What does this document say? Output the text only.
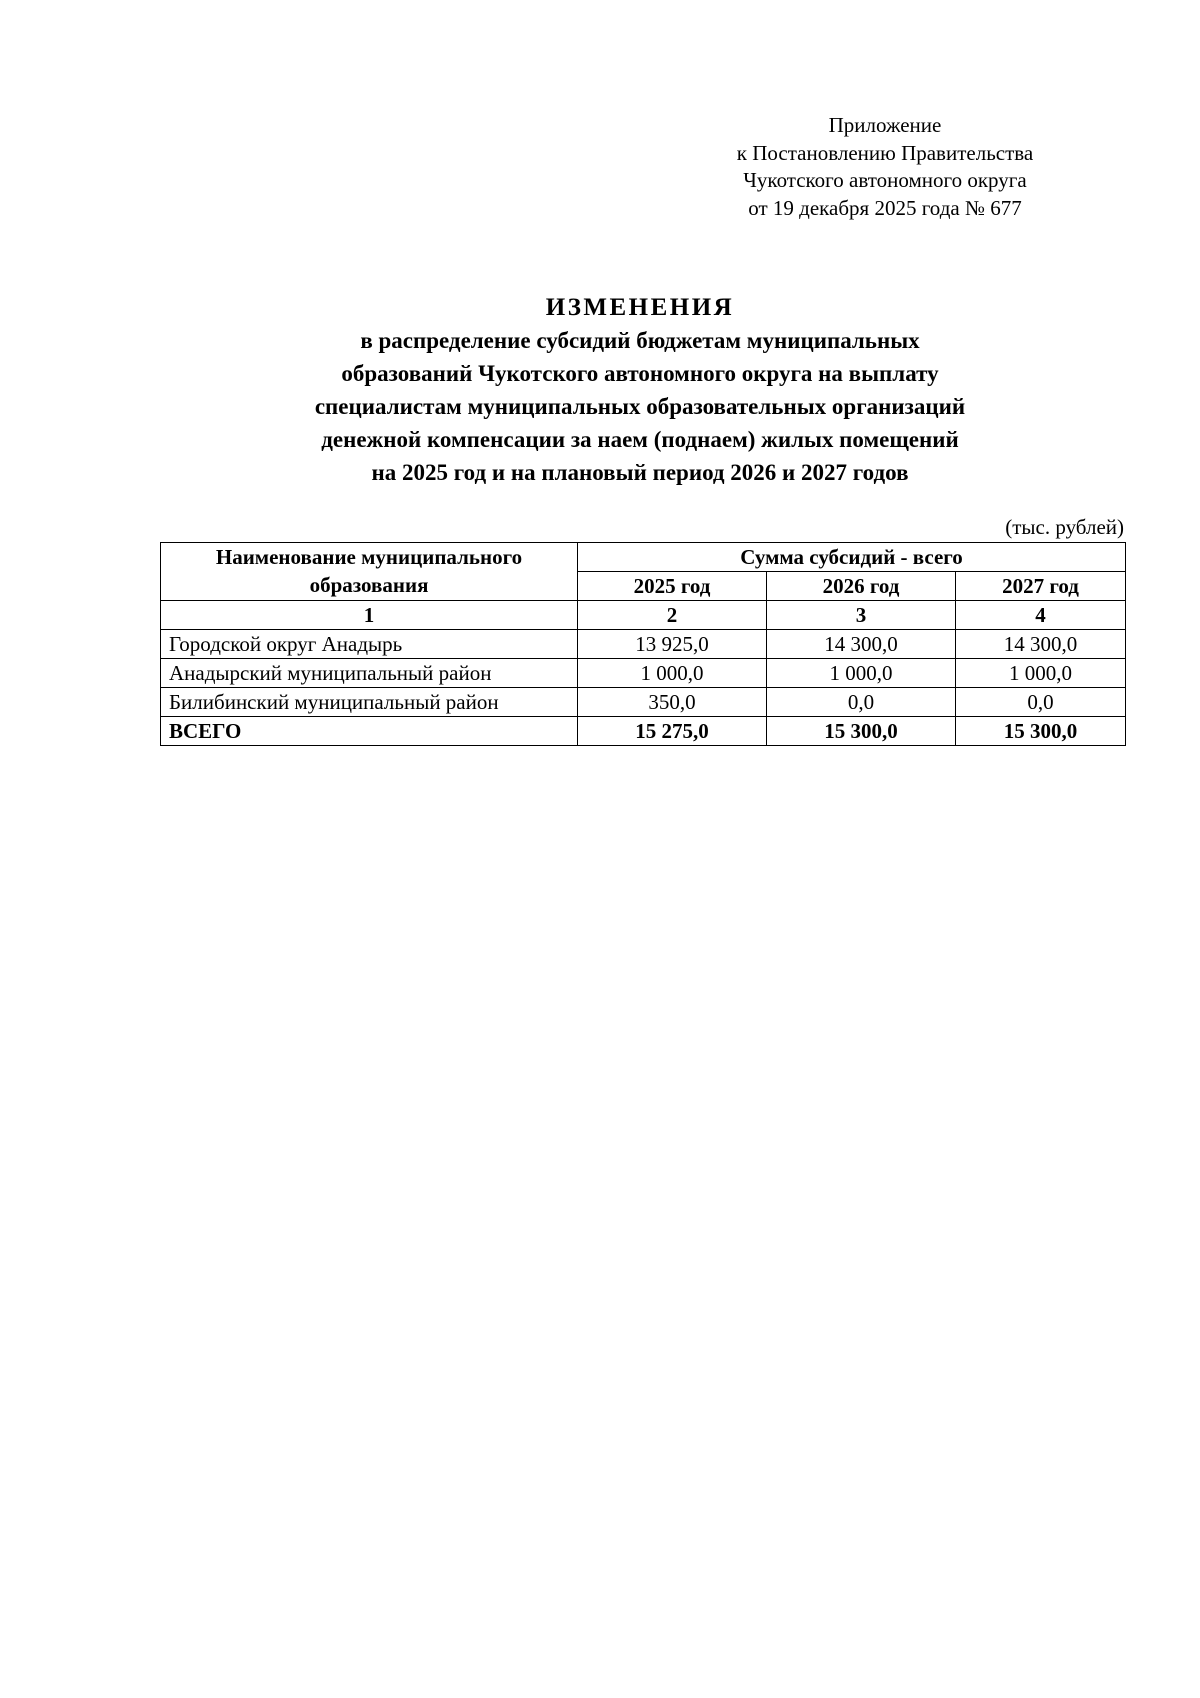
Приложение
к Постановлению Правительства
Чукотского автономного округа
от 19 декабря 2025 года № 677
ИЗМЕНЕНИЯ
в распределение субсидий бюджетам муниципальных
образований Чукотского автономного округа на выплату
специалистам муниципальных образовательных организаций
денежной компенсации за наем (поднаем) жилых помещений
на 2025 год и на плановый период 2026 и 2027 годов
(тыс. рублей)
Наименование муниципального образования	Сумма субсидий - всего		
	2025 год	2026 год	2027 год
1	2	3	4
Городской округ Анадырь	13 925,0	14 300,0	14 300,0
Анадырский муниципальный район	1 000,0	1 000,0	1 000,0
Билибинский муниципальный район	350,0	0,0	0,0
ВСЕГО	15 275,0	15 300,0	15 300,0
